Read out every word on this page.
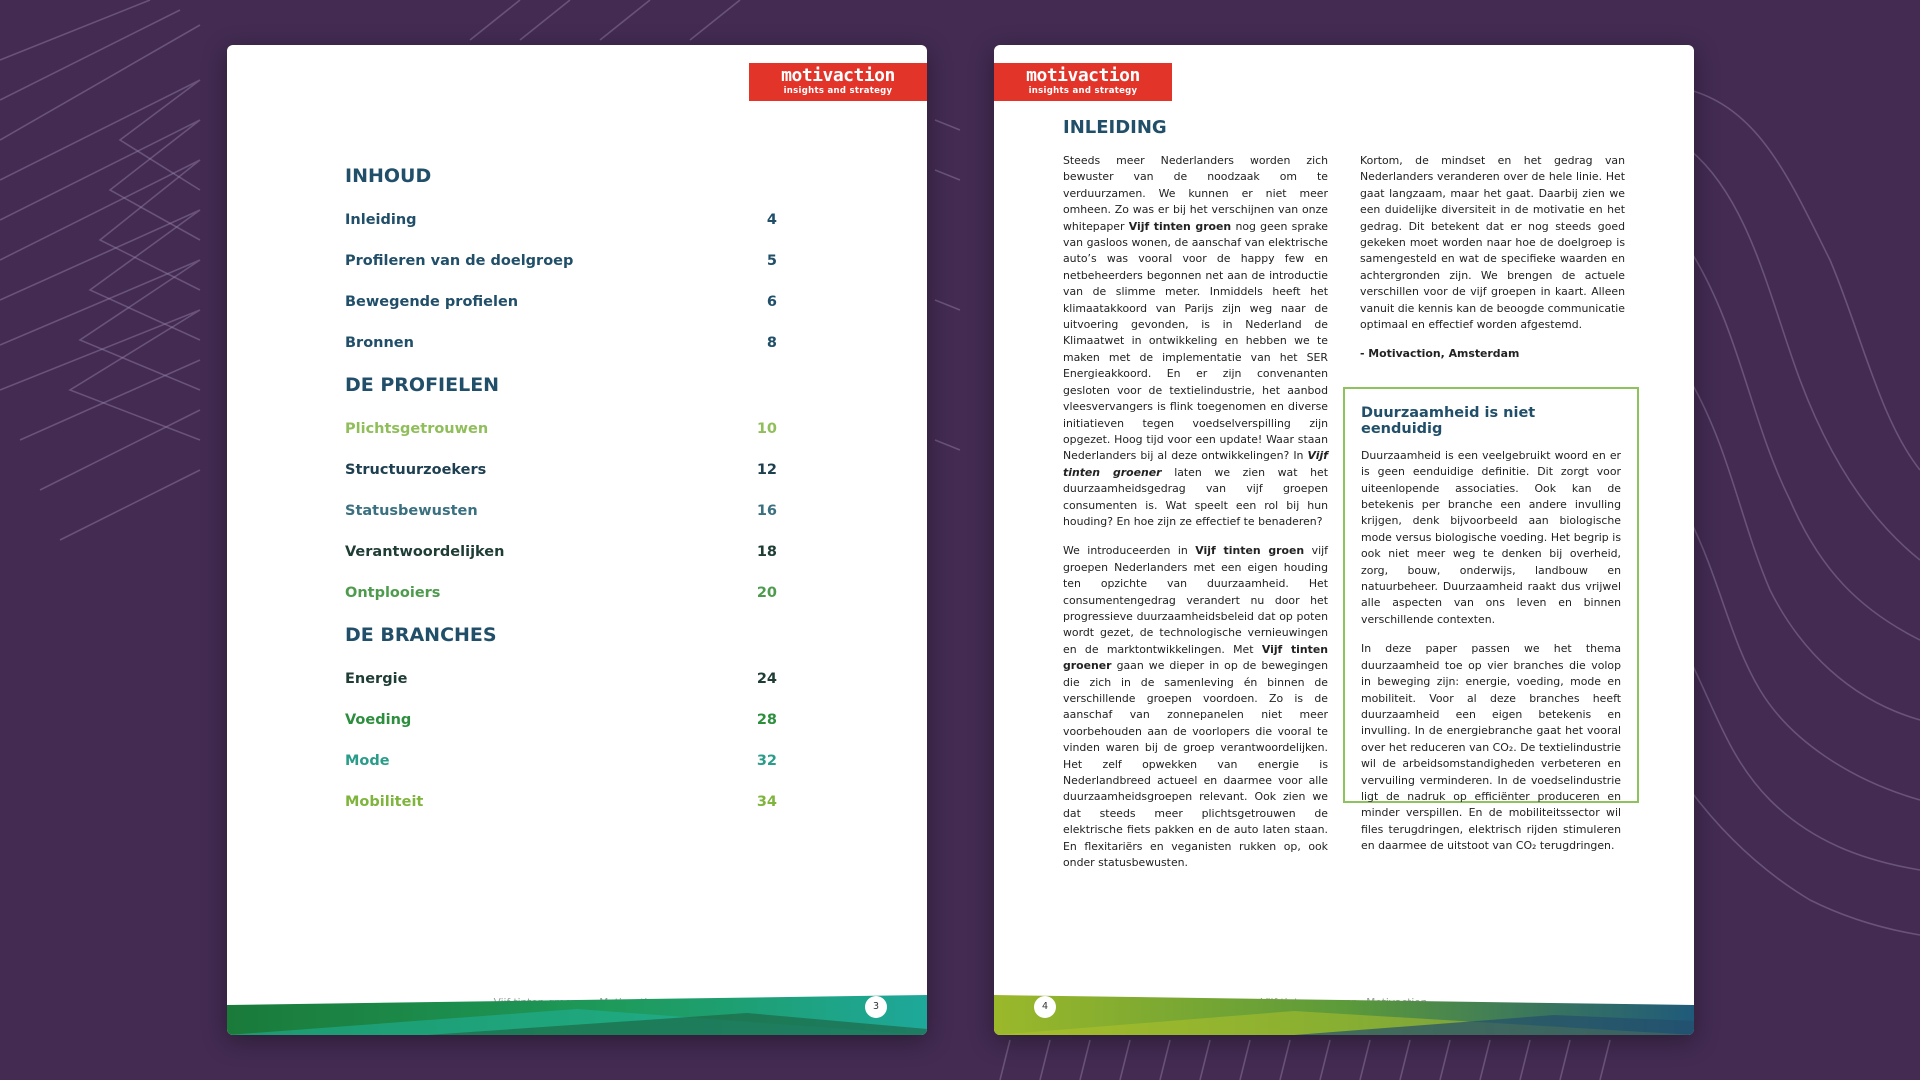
motivaction
insights and strategy
INHOUD
Inleiding	4
Profileren van de doelgroep	5
Bewegende profielen	6
Bronnen	8
DE PROFIELEN
Plichtsgetrouwen	10
Structuurzoekers	12
Statusbewusten	16
Verantwoordelijken	18
Ontplooiers	20
DE BRANCHES
Energie	24
Voeding	28
Mode	32
Mobiliteit	34
3
motivaction
insights and strategy
INLEIDING

Steeds meer Nederlanders worden zich bewuster van de noodzaak om te verduurzamen. We kunnen er niet meer omheen. Zo was er bij het verschijnen van onze whitepaper Vijf tinten groen nog geen sprake van gasloos wonen, de aanschaf van elektrische auto’s was vooral voor de happy few en netbeheerders begonnen net aan de introductie van de slimme meter. Inmiddels heeft het klimaatakkoord van Parijs zijn weg naar de uitvoering gevonden, is in Nederland de Klimaatwet in ontwikkeling en hebben we te maken met de implementatie van het SER Energieakkoord. En er zijn convenanten gesloten voor de textielindustrie, het aanbod vleesvervangers is flink toegenomen en diverse initiatieven tegen voedselverspilling zijn opgezet. Hoog tijd voor een update! Waar staan Nederlanders bij al deze ontwikkelingen? In Vijf tinten groener laten we zien wat het duurzaamheidsgedrag van vijf groepen consumenten is. Wat speelt een rol bij hun houding? En hoe zijn ze effectief te benaderen?

We introduceerden in Vijf tinten groen vijf groepen Nederlanders met een eigen houding ten opzichte van duurzaamheid. Het consumentengedrag verandert nu door het progressieve duurzaamheidsbeleid dat op poten wordt gezet, de technologische vernieuwingen en de marktontwikkelingen. Met Vijf tinten groener gaan we dieper in op de bewegingen die zich in de samenleving én binnen de verschillende groepen voordoen. Zo is de aanschaf van zonnepanelen niet meer voorbehouden aan de voorlopers die vooral te vinden waren bij de groep verantwoordelijken. Het zelf opwekken van energie is Nederlandbreed actueel en daarmee voor alle duurzaamheidsgroepen relevant. Ook zien we dat steeds meer plichtsgetrouwen de elektrische fiets pakken en de auto laten staan. En flexitariërs en veganisten rukken op, ook onder statusbewusten.

Kortom, de mindset en het gedrag van Nederlanders veranderen over de hele linie. Het gaat langzaam, maar het gaat. Daarbij zien we een duidelijke diversiteit in de motivatie en het gedrag. Dit betekent dat er nog steeds goed gekeken moet worden naar hoe de doelgroep is samengesteld en wat de specifieke waarden en achtergronden zijn. We brengen de actuele verschillen voor de vijf groepen in kaart. Alleen vanuit die kennis kan de beoogde communicatie optimaal en effectief worden afgestemd.

- Motivaction, Amsterdam
Duurzaamheid is niet eenduidig

Duurzaamheid is een veelgebruikt woord en er is geen eenduidige definitie. Dit zorgt voor uiteenlopende associaties. Ook kan de betekenis per branche een andere invulling krijgen, denk bijvoorbeeld aan biologische mode versus biologische voeding. Het begrip is ook niet meer weg te denken bij overheid, zorg, bouw, onderwijs, landbouw en natuurbeheer. Duurzaamheid raakt dus vrijwel alle aspecten van ons leven en binnen verschillende contexten.

In deze paper passen we het thema duurzaamheid toe op vier branches die volop in beweging zijn: energie, voeding, mode en mobiliteit. Voor al deze branches heeft duurzaamheid een eigen betekenis en invulling. In de energiebranche gaat het vooral over het reduceren van CO₂. De textielindustrie wil de arbeidsomstandigheden verbeteren en vervuiling verminderen. In de voedselindustrie ligt de nadruk op efficiënter produceren en minder verspillen. En de mobiliteitssector wil files terugdringen, elektrisch rijden stimuleren en daarmee de uitstoot van CO₂ terugdringen.

4
